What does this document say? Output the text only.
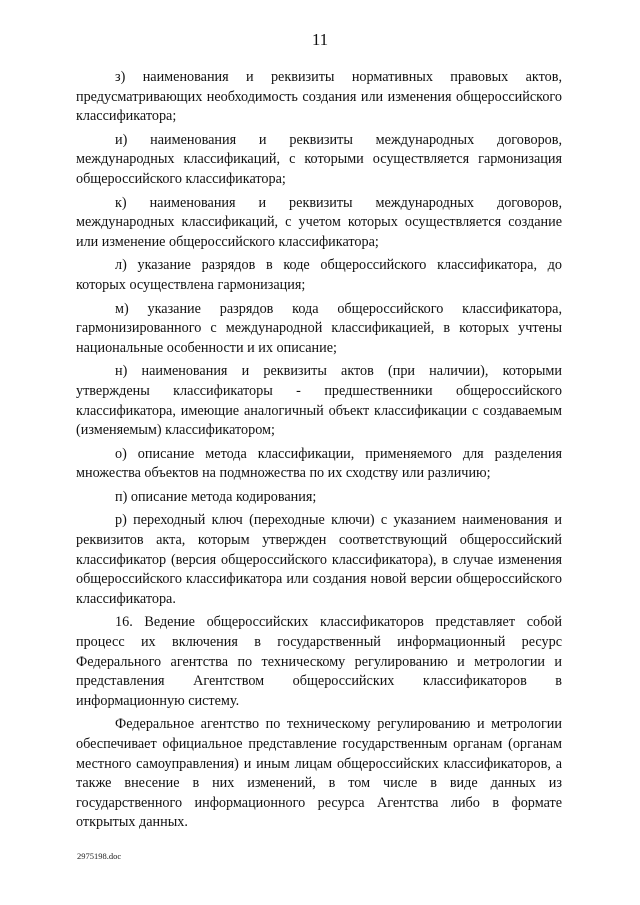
11

з) наименования и реквизиты нормативных правовых актов, предусматривающих необходимость создания или изменения общероссийского классификатора;

и) наименования и реквизиты международных договоров, международных классификаций, с которыми осуществляется гармонизация общероссийского классификатора;

к) наименования и реквизиты международных договоров, международных классификаций, с учетом которых осуществляется создание или изменение общероссийского классификатора;

л) указание разрядов в коде общероссийского классификатора, до которых осуществлена гармонизация;

м) указание разрядов кода общероссийского классификатора, гармонизированного с международной классификацией, в которых учтены национальные особенности и их описание;

н) наименования и реквизиты актов (при наличии), которыми утверждены классификаторы - предшественники общероссийского классификатора, имеющие аналогичный объект классификации с создаваемым (изменяемым) классификатором;

о) описание метода классификации, применяемого для разделения множества объектов на подмножества по их сходству или различию;

п) описание метода кодирования;

р) переходный ключ (переходные ключи) с указанием наименования и реквизитов акта, которым утвержден соответствующий общероссийский классификатор (версия общероссийского классификатора), в случае изменения общероссийского классификатора или создания новой версии общероссийского классификатора.

16. Ведение общероссийских классификаторов представляет собой процесс их включения в государственный информационный ресурс Федерального агентства по техническому регулированию и метрологии и представления Агентством общероссийских классификаторов в информационную систему.

Федеральное агентство по техническому регулированию и метрологии обеспечивает официальное представление государственным органам (органам местного самоуправления) и иным лицам общероссийских классификаторов, а также внесение в них изменений, в том числе в виде данных из государственного информационного ресурса Агентства либо в формате открытых данных.

2975198.doc
